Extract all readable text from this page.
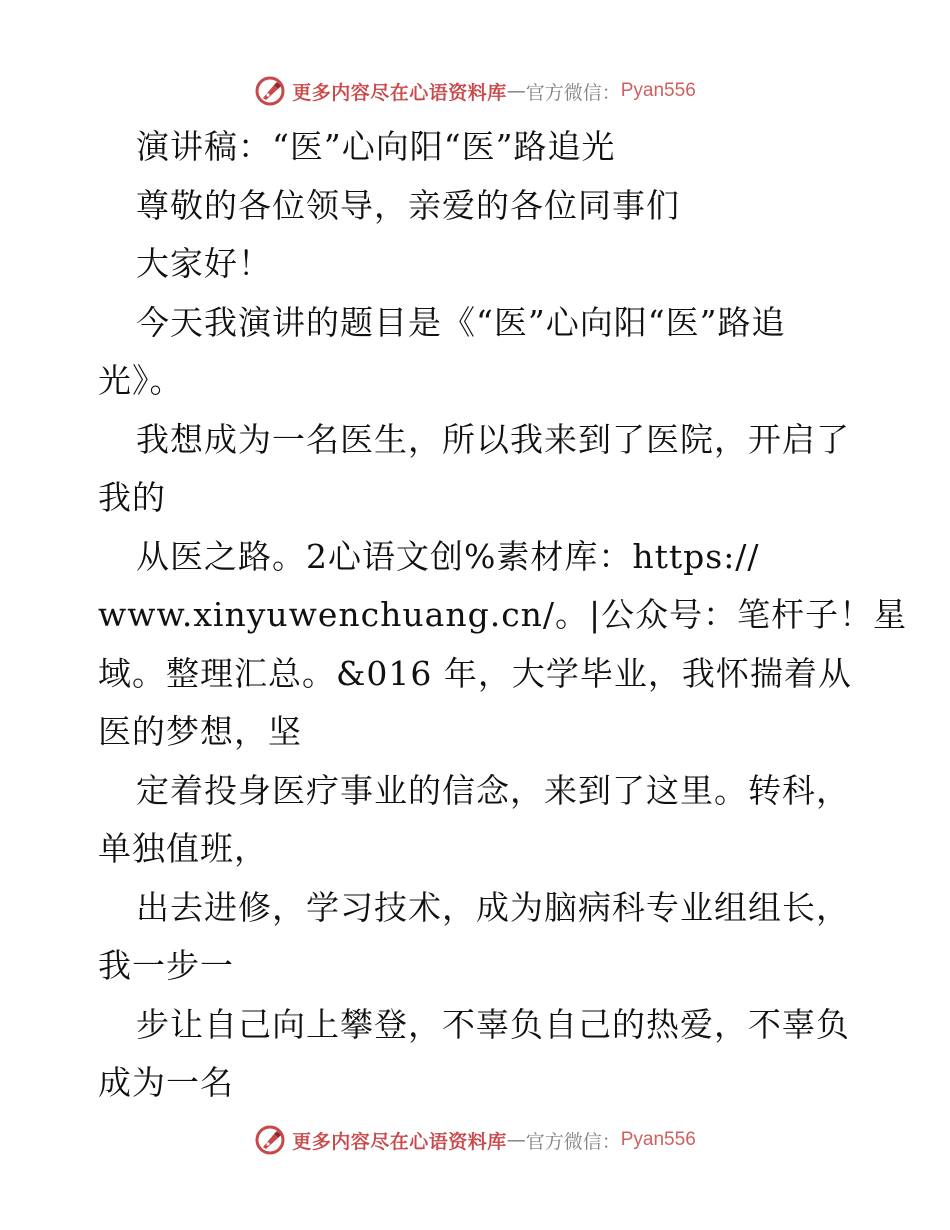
更多内容尽在心语资料库 — 官方微信： Pyan556
演讲稿：“医”心向阳“医”路追光
尊敬的各位领导，亲爱的各位同事们
大家好！
今天我演讲的题目是《“医”心向阳“医”路追
光》。
我想成为一名医生，所以我来到了医院，开启了
我的
从医之路。2心语文创%素材库：https://
www.xinyuwenchuang.cn/。|公众号：笔杆子！星
域。整理汇总。&016 年，大学毕业，我怀揣着从
医的梦想，坚
定着投身医疗事业的信念，来到了这里。转科，
单独值班，
出去进修，学习技术，成为脑病科专业组组长，
我一步一
步让自己向上攀登，不辜负自己的热爱，不辜负
成为一名
更多内容尽在心语资料库 — 官方微信： Pyan556
